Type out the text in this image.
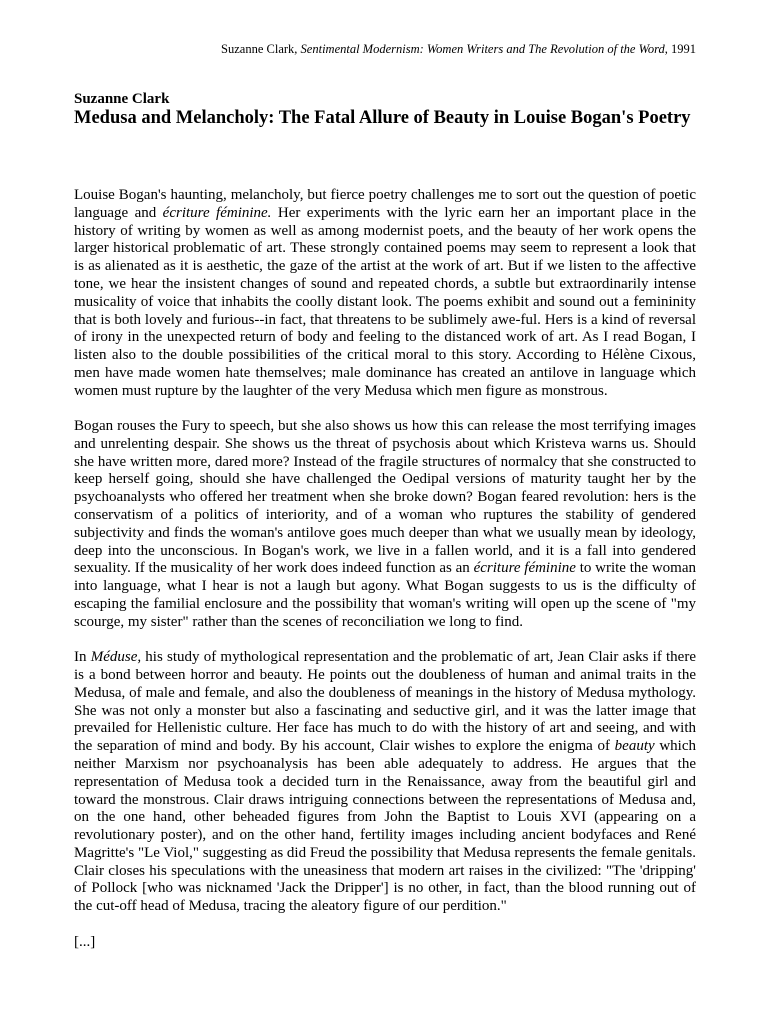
Suzanne Clark, Sentimental Modernism: Women Writers and The Revolution of the Word, 1991
Suzanne Clark
Medusa and Melancholy: The Fatal Allure of Beauty in Louise Bogan's Poetry

Louise Bogan's haunting, melancholy, but fierce poetry challenges me to sort out the question of poetic language and écriture féminine. Her experiments with the lyric earn her an important place in the history of writing by women as well as among modernist poets, and the beauty of her work opens the larger historical problematic of art. These strongly contained poems may seem to represent a look that is as alienated as it is aesthetic, the gaze of the artist at the work of art. But if we listen to the affective tone, we hear the insistent changes of sound and repeated chords, a subtle but extraordinarily intense musicality of voice that inhabits the coolly distant look. The poems exhibit and sound out a femininity that is both lovely and furious--in fact, that threatens to be sublimely awe-ful. Hers is a kind of reversal of irony in the unexpected return of body and feeling to the distanced work of art. As I read Bogan, I listen also to the double possibilities of the critical moral to this story. According to Hélène Cixous, men have made women hate themselves; male dominance has created an antilove in language which women must rupture by the laughter of the very Medusa which men figure as monstrous.

Bogan rouses the Fury to speech, but she also shows us how this can release the most terrifying images and unrelenting despair. She shows us the threat of psychosis about which Kristeva warns us. Should she have written more, dared more? Instead of the fragile structures of normalcy that she constructed to keep herself going, should she have challenged the Oedipal versions of maturity taught her by the psychoanalysts who offered her treatment when she broke down? Bogan feared revolution: hers is the conservatism of a politics of interiority, and of a woman who ruptures the stability of gendered subjectivity and finds the woman's antilove goes much deeper than what we usually mean by ideology, deep into the unconscious. In Bogan's work, we live in a fallen world, and it is a fall into gendered sexuality. If the musicality of her work does indeed function as an écriture féminine to write the woman into language, what I hear is not a laugh but agony. What Bogan suggests to us is the difficulty of escaping the familial enclosure and the possibility that woman's writing will open up the scene of "my scourge, my sister" rather than the scenes of reconciliation we long to find.

In Méduse, his study of mythological representation and the problematic of art, Jean Clair asks if there is a bond between horror and beauty. He points out the doubleness of human and animal traits in the Medusa, of male and female, and also the doubleness of meanings in the history of Medusa mythology. She was not only a monster but also a fascinating and seductive girl, and it was the latter image that prevailed for Hellenistic culture. Her face has much to do with the history of art and seeing, and with the separation of mind and body. By his account, Clair wishes to explore the enigma of beauty which neither Marxism nor psychoanalysis has been able adequately to address. He argues that the representation of Medusa took a decided turn in the Renaissance, away from the beautiful girl and toward the monstrous. Clair draws intriguing connections between the representations of Medusa and, on the one hand, other beheaded figures from John the Baptist to Louis XVI (appearing on a revolutionary poster), and on the other hand, fertility images including ancient bodyfaces and René Magritte's "Le Viol," suggesting as did Freud the possibility that Medusa represents the female genitals. Clair closes his speculations with the uneasiness that modern art raises in the civilized: "The 'dripping' of Pollock [who was nicknamed 'Jack the Dripper'] is no other, in fact, than the blood running out of the cut-off head of Medusa, tracing the aleatory figure of our perdition."

[...]
